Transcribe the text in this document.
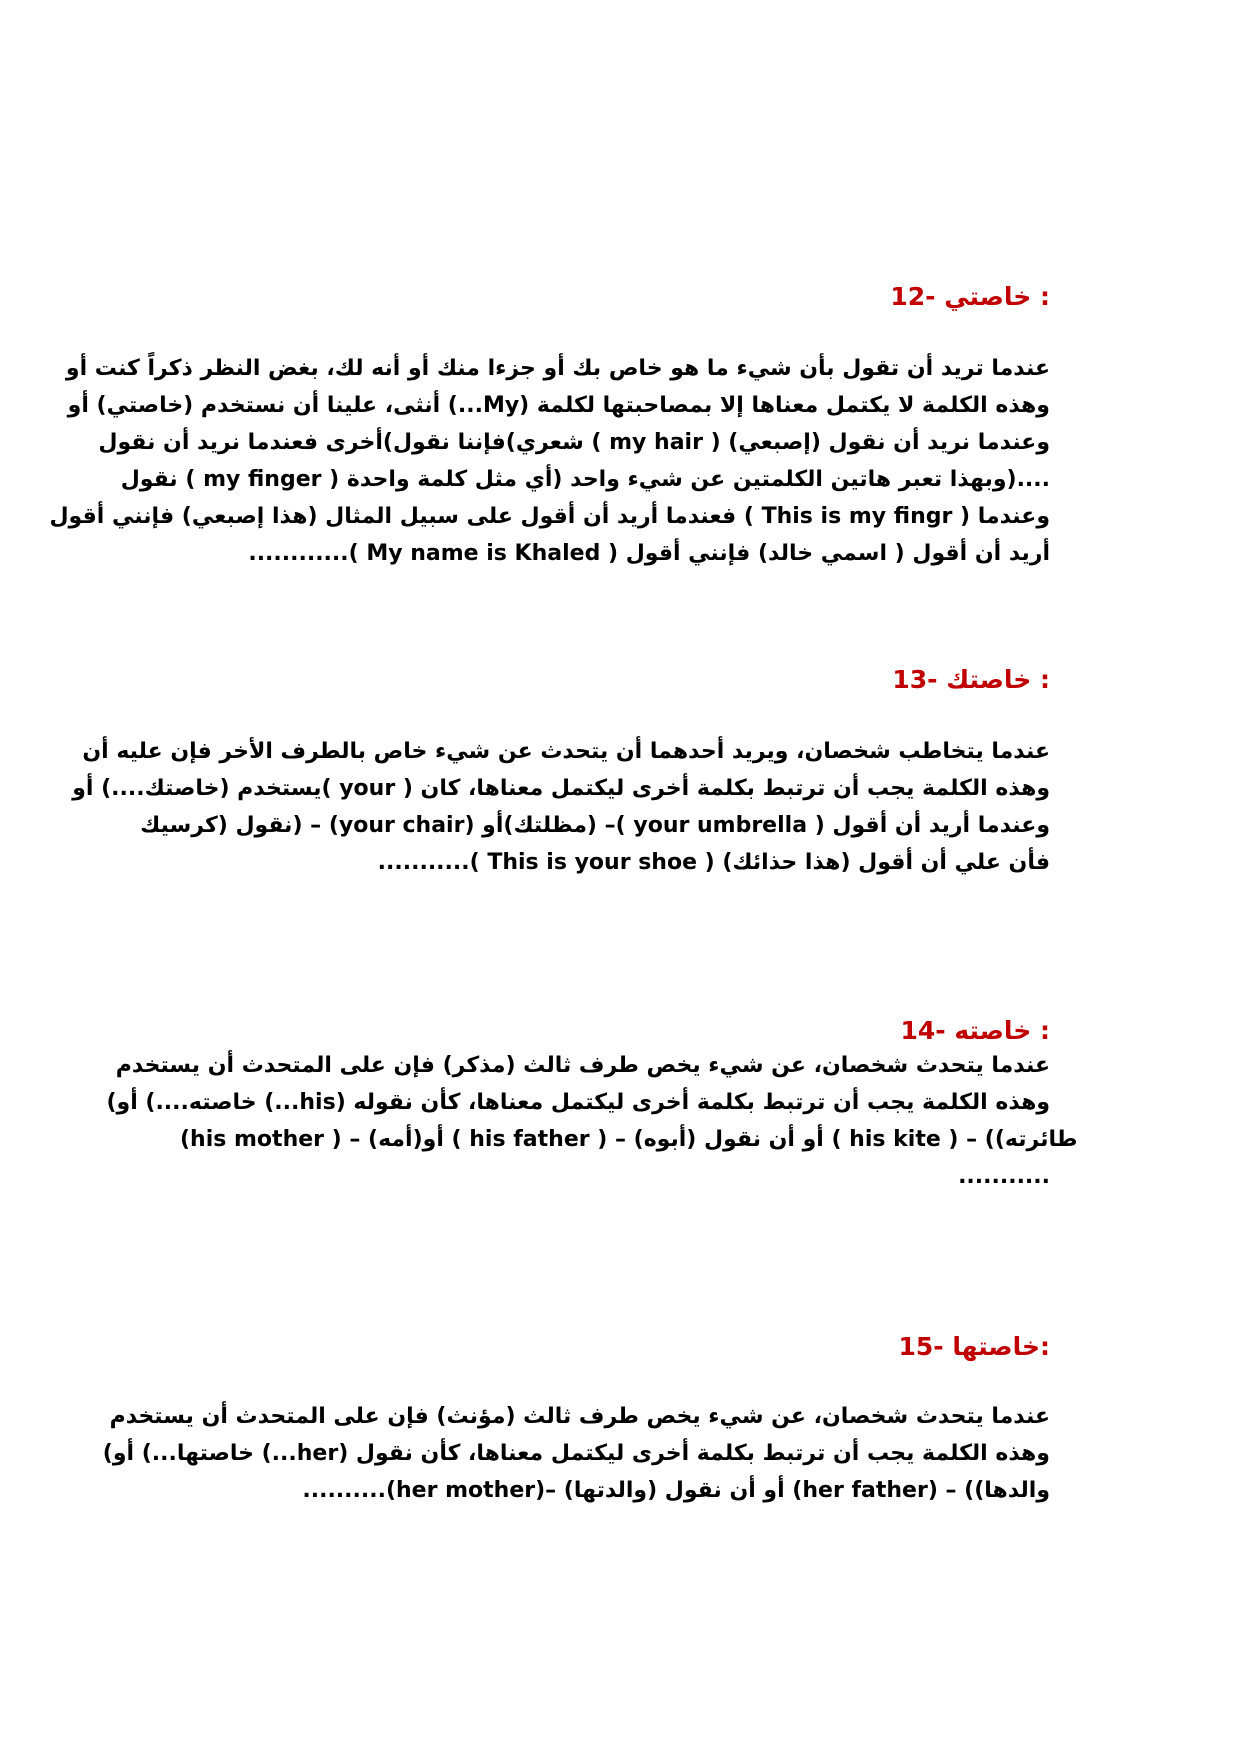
: خاصتي -12
عندما تريد أن تقول بأن شيء ما هو خاص بك أو جزءا منك أو أنه لك، بغض النظر ذكراً كنت أو
وهذه الكلمة لا يكتمل معناها إلا بمصاحبتها لكلمة (My...) أنثى، علينا أن نستخدم (خاصتي) أو
وعندما نريد أن نقول (إصبعي) ( my hair ) شعري)فإننا نقول)أخرى فعندما نريد أن نقول
....(وبهذا تعبر هاتين الكلمتين عن شيء واحد (أي مثل كلمة واحدة ( my finger ) نقول
وعندما ( This is my fingr ) فعندما أريد أن أقول على سبيل المثال (هذا إصبعي) فإنني أقول
............( My name is Khaled ) أريد أن أقول ( اسمي خالد) فإنني أقول
: خاصتك -13
عندما يتخاطب شخصان، ويريد أحدهما أن يتحدث عن شيء خاص بالطرف الأخر فإن عليه أن
وهذه الكلمة يجب أن ترتبط بكلمة أخرى ليكتمل معناها، كان ( your )يستخدم (خاصتك....) أو
وعندما أريد أن أقول ( your umbrella )– (مظلتك)أو (your chair) – (نقول (كرسيك
...........( This is your shoe ) (هذا حذائك) فأن علي أن أقول
: خاصته -14
عندما يتحدث شخصان، عن شيء يخص طرف ثالث (مذكر) فإن على المتحدث أن يستخدم
وهذه الكلمة يجب أن ترتبط بكلمة أخرى ليكتمل معناها، كأن نقوله (his...) خاصته....) أو)
(his mother ) – (أمه)أو ( his father ) – (أو أن نقول (أبوه ( his kite ) – ((طائرته
...........
:خاصتها -15
عندما يتحدث شخصان، عن شيء يخص طرف ثالث (مؤنث) فإن على المتحدث أن يستخدم
وهذه الكلمة يجب أن ترتبط بكلمة أخرى ليكتمل معناها، كأن نقول (her...) خاصتها...) أو)
..........(her mother)– (أو أن نقول (والدتها (her father) – ((والدها
